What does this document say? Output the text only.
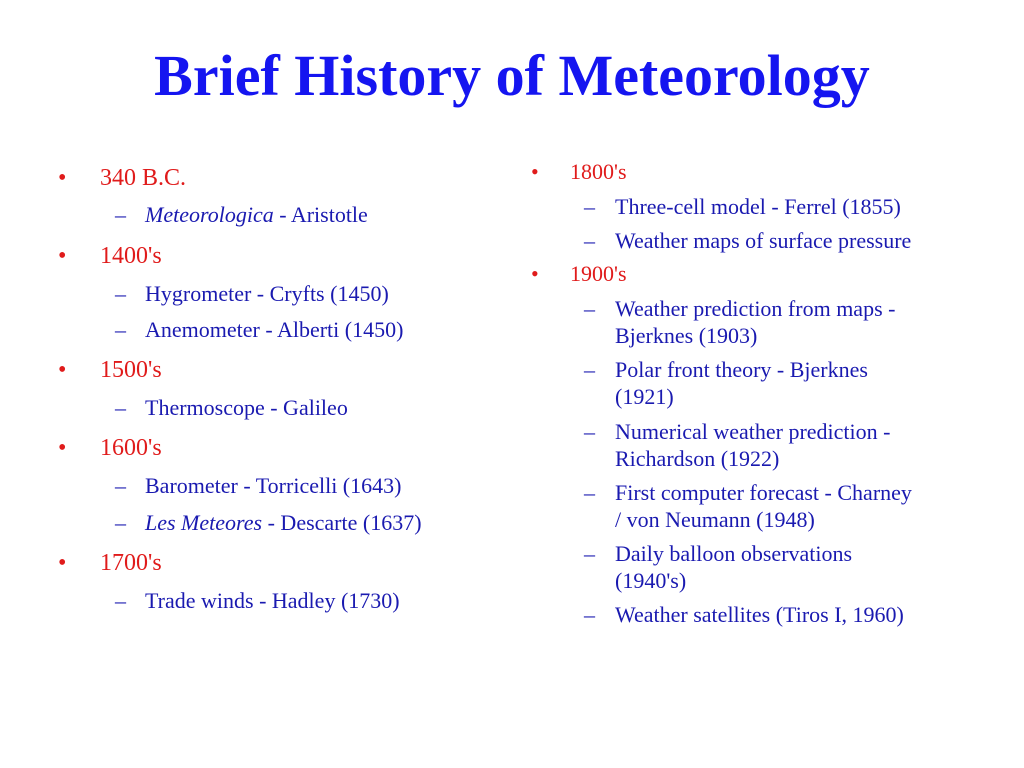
Brief History of Meteorology
• 340 B.C.
– Meteorologica - Aristotle
• 1400's
– Hygrometer - Cryfts (1450)
– Anemometer - Alberti (1450)
• 1500's
– Thermoscope - Galileo
• 1600's
– Barometer - Torricelli (1643)
– Les Meteores - Descarte (1637)
• 1700's
– Trade winds - Hadley (1730)
• 1800's
– Three-cell model - Ferrel (1855)
– Weather maps of surface pressure
• 1900's
– Weather prediction from maps -
Bjerknes (1903)
– Polar front theory - Bjerknes
(1921)
– Numerical weather prediction -
Richardson (1922)
– First computer forecast - Charney
/ von Neumann (1948)
– Daily balloon observations
(1940's)
– Weather satellites (Tiros I, 1960)
